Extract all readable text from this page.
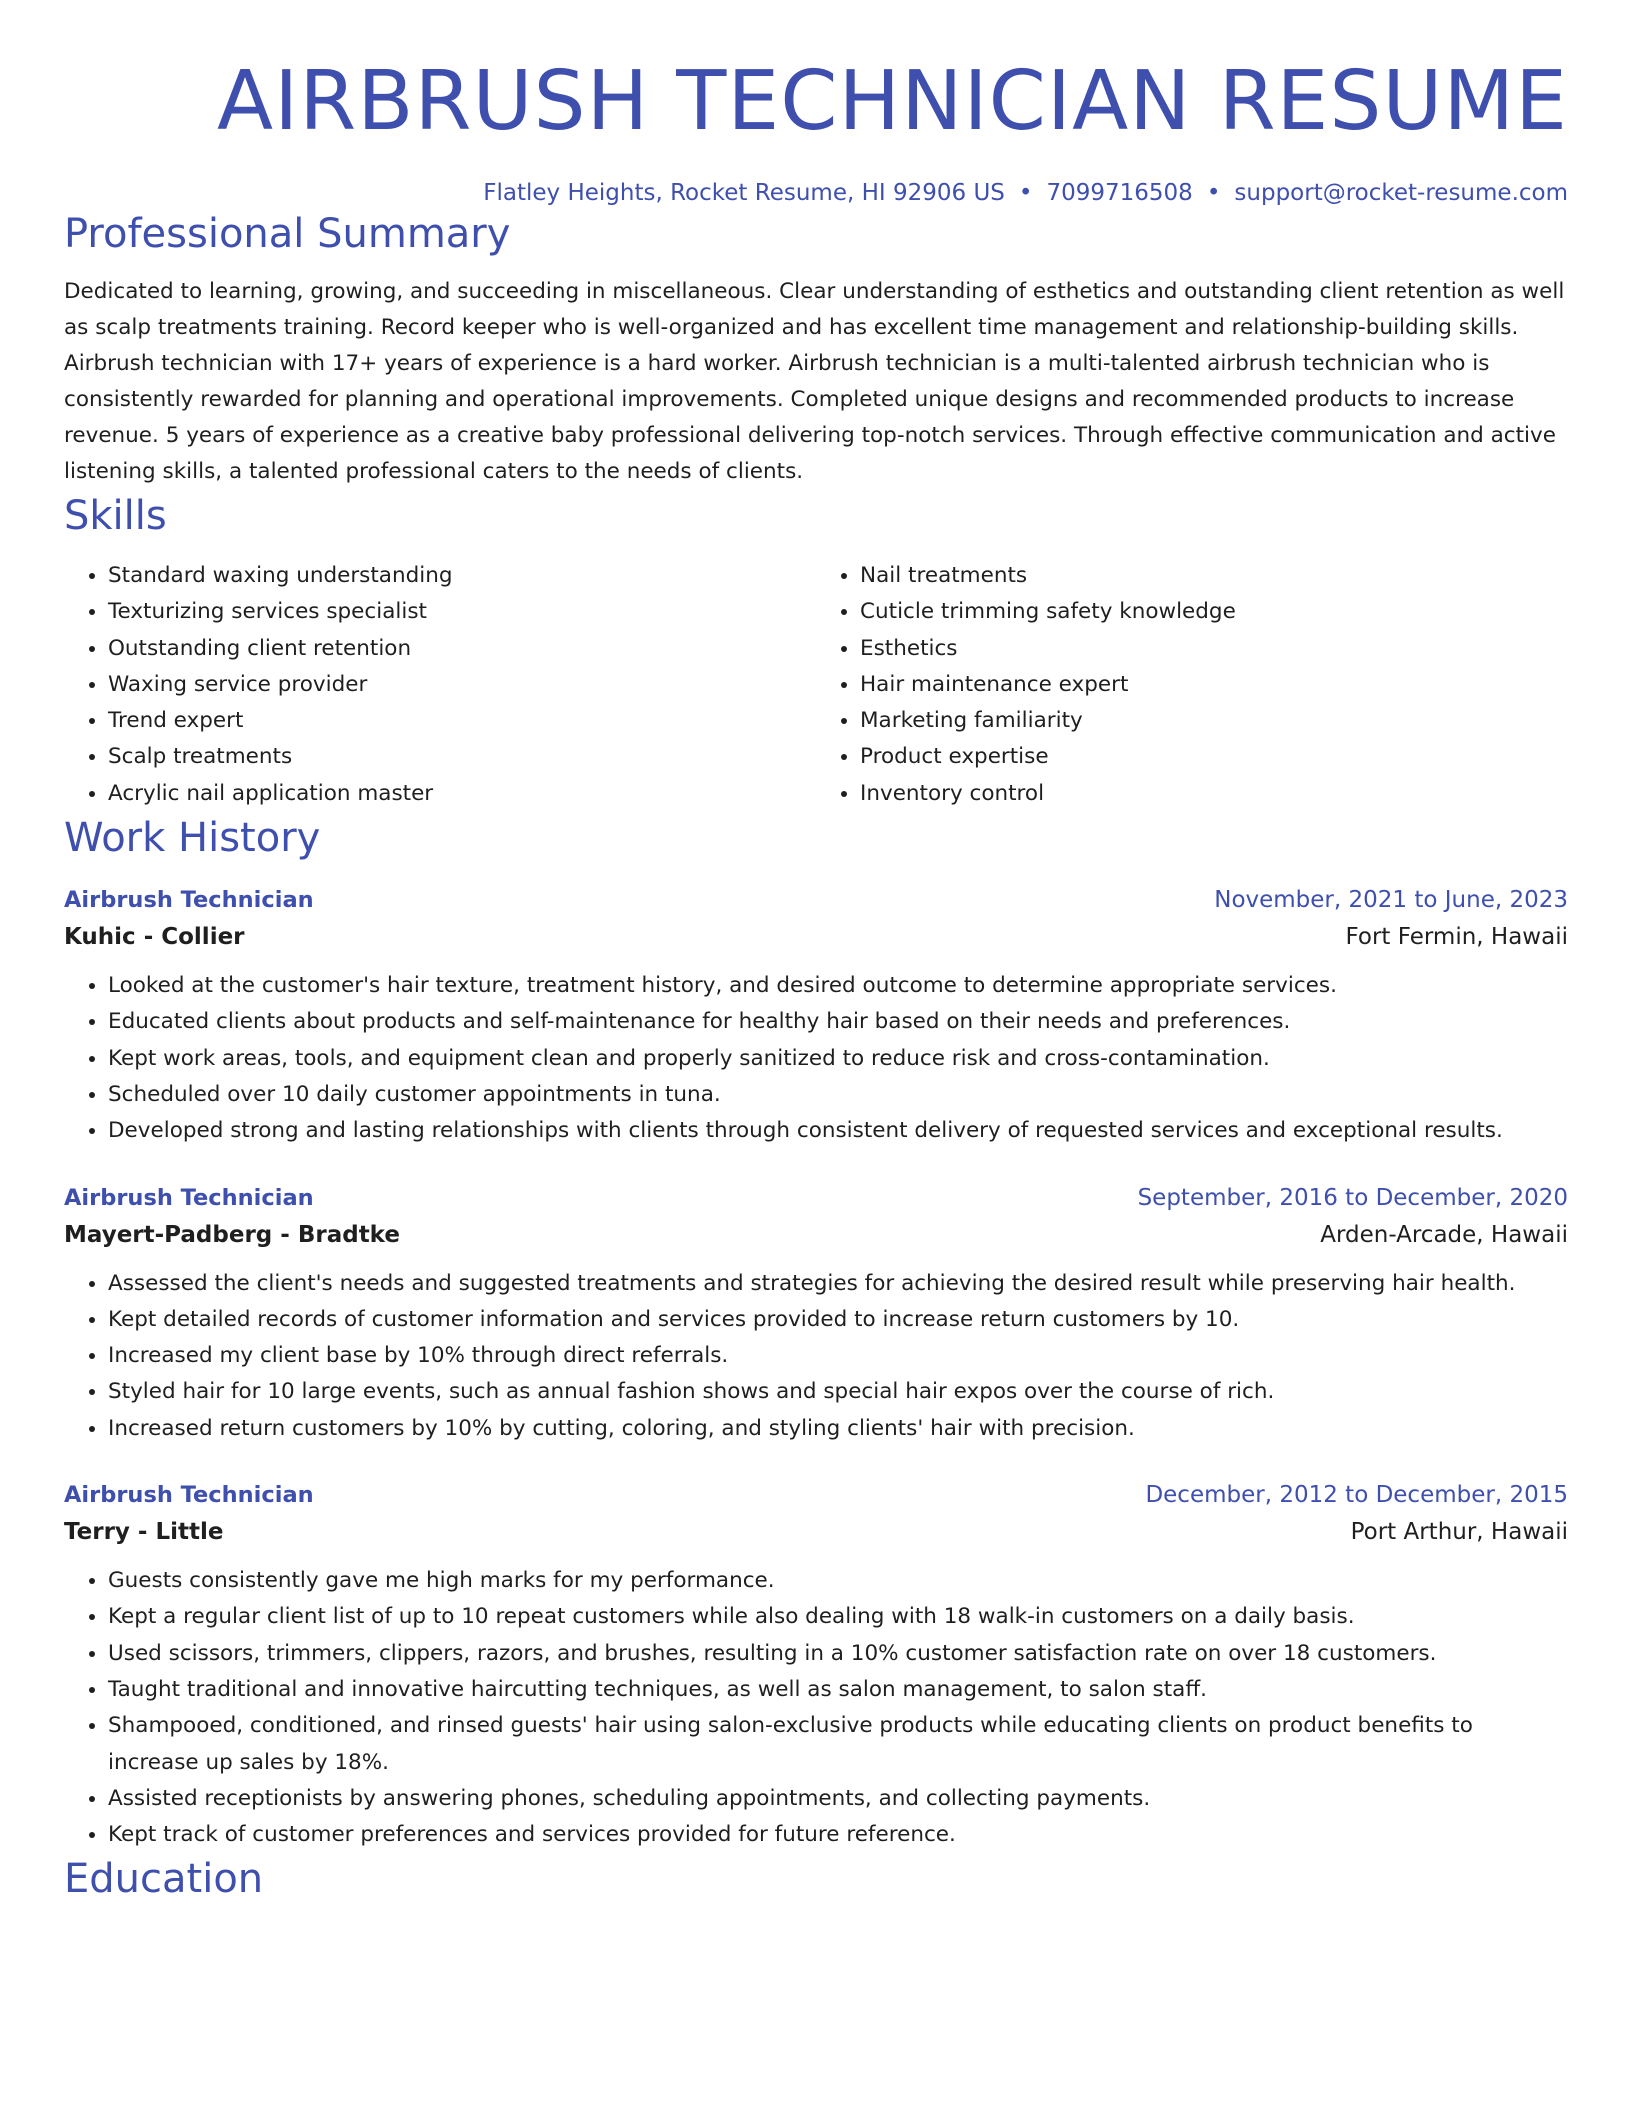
AIRBRUSH TECHNICIAN RESUME
Flatley Heights, Rocket Resume, HI 92906 US • 7099716508 • support@rocket-resume.com
Professional Summary

Dedicated to learning, growing, and succeeding in miscellaneous. Clear understanding of esthetics and outstanding client retention as well as scalp treatments training. Record keeper who is well-organized and has excellent time management and relationship-building skills. Airbrush technician with 17+ years of experience is a hard worker. Airbrush technician is a multi-talented airbrush technician who is consistently rewarded for planning and operational improvements. Completed unique designs and recommended products to increase revenue. 5 years of experience as a creative baby professional delivering top-notch services. Through effective communication and active listening skills, a talented professional caters to the needs of clients.

Skills
• Standard waxing understanding
• Texturizing services specialist
• Outstanding client retention
• Waxing service provider
• Trend expert
• Scalp treatments
• Acrylic nail application master
• Nail treatments
• Cuticle trimming safety knowledge
• Esthetics
• Hair maintenance expert
• Marketing familiarity
• Product expertise
• Inventory control
Work History
Airbrush Technician	November, 2021 to June, 2023
Kuhic - Collier	Fort Fermin, Hawaii
• Looked at the customer's hair texture, treatment history, and desired outcome to determine appropriate services.
• Educated clients about products and self-maintenance for healthy hair based on their needs and preferences.
• Kept work areas, tools, and equipment clean and properly sanitized to reduce risk and cross-contamination.
• Scheduled over 10 daily customer appointments in tuna.
• Developed strong and lasting relationships with clients through consistent delivery of requested services and exceptional results.
Airbrush Technician	September, 2016 to December, 2020
Mayert-Padberg - Bradtke	Arden-Arcade, Hawaii
• Assessed the client's needs and suggested treatments and strategies for achieving the desired result while preserving hair health.
• Kept detailed records of customer information and services provided to increase return customers by 10.
• Increased my client base by 10% through direct referrals.
• Styled hair for 10 large events, such as annual fashion shows and special hair expos over the course of rich.
• Increased return customers by 10% by cutting, coloring, and styling clients' hair with precision.
Airbrush Technician	December, 2012 to December, 2015
Terry - Little	Port Arthur, Hawaii
• Guests consistently gave me high marks for my performance.
• Kept a regular client list of up to 10 repeat customers while also dealing with 18 walk-in customers on a daily basis.
• Used scissors, trimmers, clippers, razors, and brushes, resulting in a 10% customer satisfaction rate on over 18 customers.
• Taught traditional and innovative haircutting techniques, as well as salon management, to salon staff.
• Shampooed, conditioned, and rinsed guests' hair using salon-exclusive products while educating clients on product benefits to increase up sales by 18%.
• Assisted receptionists by answering phones, scheduling appointments, and collecting payments.
• Kept track of customer preferences and services provided for future reference.
Education
